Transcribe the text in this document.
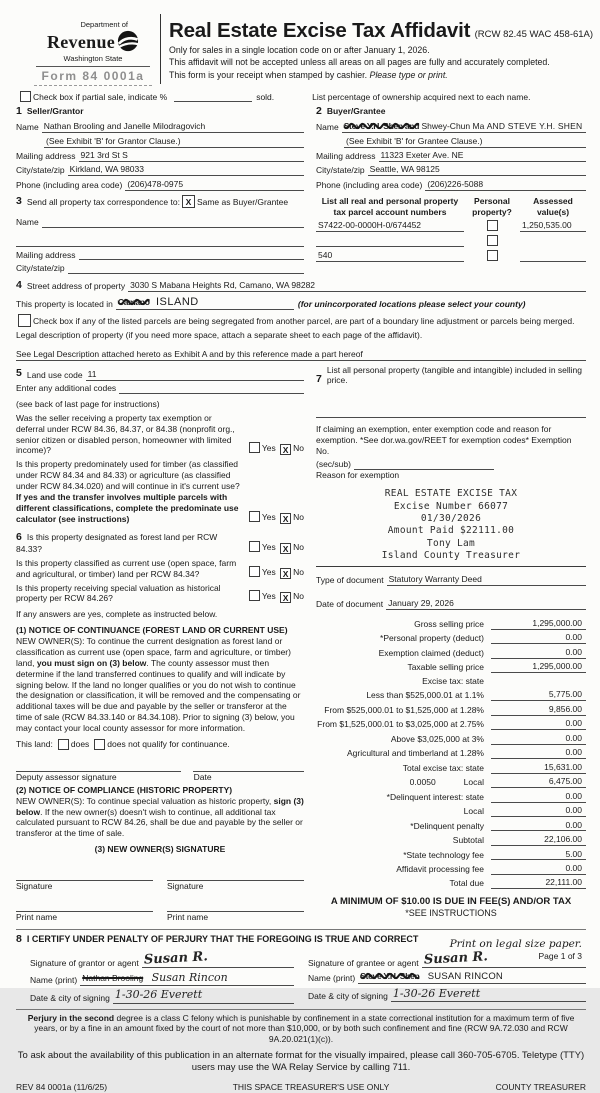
Department of
Revenue
Washington State
Form 84 0001a
Real Estate Excise Tax Affidavit (RCW 82.45 WAC 458-61A)
Only for sales in a single location code on or after January 1, 2026.
This affidavit will not be accepted unless all areas on all pages are fully and accurately completed.
This form is your receipt when stamped by cashier. Please type or print.
Check box if partial sale, indicate %	sold.	List percentage of ownership acquired next to each name.
1 Seller/Grantor
Name Nathan Brooling and Janelle Milodragovich
(See Exhibit 'B' for Grantor Clause.)
Mailing address 921 3rd St S
City/state/zip Kirkland, WA 98033
Phone (including area code) (206)478-0975
2 Buyer/Grantee
Name Steve Y.H. Shen and Shwey-Chun Ma AND STEVE Y.H. SHEN
(See Exhibit 'B' for Grantee Clause.)
Mailing address 11323 Exeter Ave. NE
City/state/zip Seattle, WA 98125
Phone (including area code) (206)226-5088
3 Send all property tax correspondence to: X Same as Buyer/Grantee
Name
Mailing address
City/state/zip
List all real and personal property
tax parcel account numbers
Personal
property?
Assessed
value(s)
S7422-00-0000H-0/674452	1,250,535.00
540
4 Street address of property 3030 S Mabana Heights Rd, Camano, WA 98282
This property is located in Camano ISLAND	(for unincorporated locations please select your county)
Check box if any of the listed parcels are being segregated from another parcel, are part of a boundary line adjustment or parcels being merged.
Legal description of property (if you need more space, attach a separate sheet to each page of the affidavit).
See Legal Description attached hereto as Exhibit A and by this reference made a part hereof
5 Land use code 11
Enter any additional codes
(see back of last page for instructions)
Was the seller receiving a property tax exemption or deferral under RCW 84.36, 84.37, or 84.38 (nonprofit org., senior citizen or disabled person, homeowner with limited income)?	Yes X No
Is this property predominately used for timber (as classified under RCW 84.34 and 84.33) or agriculture (as classified under RCW 84.34.020) and will continue in it's current use? If yes and the transfer involves multiple parcels with different classifications, complete the predominate use calculator (see instructions)	Yes X No
6 Is this property designated as forest land per RCW 84.33?	Yes X No
Is this property classified as current use (open space, farm and agricultural, or timber) land per RCW 84.34?	Yes X No
Is this property receiving special valuation as historical property per RCW 84.26?	Yes X No
If any answers are yes, complete as instructed below.
(1) NOTICE OF CONTINUANCE (FOREST LAND OR CURRENT USE)
NEW OWNER(S): To continue the current designation as forest land or classification as current use (open space, farm and agriculture, or timber) land, you must sign on (3) below. The county assessor must then determine if the land transferred continues to qualify and will indicate by signing below. If the land no longer qualifies or you do not wish to continue the designation or classification, it will be removed and the compensating or additional taxes will be due and payable by the seller or transferor at the time of sale (RCW 84.33.140 or 84.34.108). Prior to signing (3) below, you may contact your local county assessor for more information.
This land:	does	does not qualify for continuance.
Deputy assessor signature	Date
(2) NOTICE OF COMPLIANCE (HISTORIC PROPERTY)
NEW OWNER(S): To continue special valuation as historic property, sign (3) below. If the new owner(s) doesn't wish to continue, all additional tax calculated pursuant to RCW 84.26, shall be due and payable by the seller or transferor at the time of sale.
(3) NEW OWNER(S) SIGNATURE
Signature	Signature
Print name	Print name
7
List all personal property (tangible and intangible) included in selling price.
If claiming an exemption, enter exemption code and reason for exemption. *See dor.wa.gov/REET for exemption codes* Exemption No.
(sec/sub)
Reason for exemption
REAL ESTATE EXCISE TAX
Excise Number 66077
01/30/2026
Amount Paid $22111.00
Tony Lam
Island County Treasurer
Type of document Statutory Warranty Deed
Date of document January 29, 2026
Gross selling price	1,295,000.00
*Personal property (deduct)	0.00
Exemption claimed (deduct)	0.00
Taxable selling price	1,295,000.00
Excise tax: state
Less than $525,000.01 at 1.1%	5,775.00
From $525,000.01 to $1,525,000 at 1.28%	9,856.00
From $1,525,000.01 to $3,025,000 at 2.75%	0.00
Above $3,025,000 at 3%	0.00
Agricultural and timberland at 1.28%	0.00
Total excise tax: state	15,631.00
0.0050	Local	6,475.00
*Delinquent interest: state	0.00
Local	0.00
*Delinquent penalty	0.00
Subtotal	22,106.00
*State technology fee	5.00
Affidavit processing fee	0.00
Total due	22,111.00
A MINIMUM OF $10.00 IS DUE IN FEE(S) AND/OR TAX
*SEE INSTRUCTIONS
8 I CERTIFY UNDER PENALTY OF PERJURY THAT THE FOREGOING IS TRUE AND CORRECT
Signature of grantor or agent Susan R.
Name (print) Nathan Brooling Susan Rincon
Date & city of signing 1-30-26 Everett
Signature of grantee or agent Susan R.
Name (print) Steve Y.H. Shen SUSAN RINCON
Date & city of signing 1-30-26 Everett
Perjury in the second degree is a class C felony which is punishable by confinement in a state correctional institution for a maximum term of five years, or by a fine in an amount fixed by the court of not more than $10,000, or by both such confinement and fine (RCW 9A.72.030 and RCW 9A.20.021(1)(c)).
To ask about the availability of this publication in an alternate format for the visually impaired, please call 360-705-6705. Teletype (TTY) users may use the WA Relay Service by calling 711.
REV 84 0001a (11/6/25)	THIS SPACE TREASURER'S USE ONLY	COUNTY TREASURER
Print on legal size paper.
Page 1 of 3
